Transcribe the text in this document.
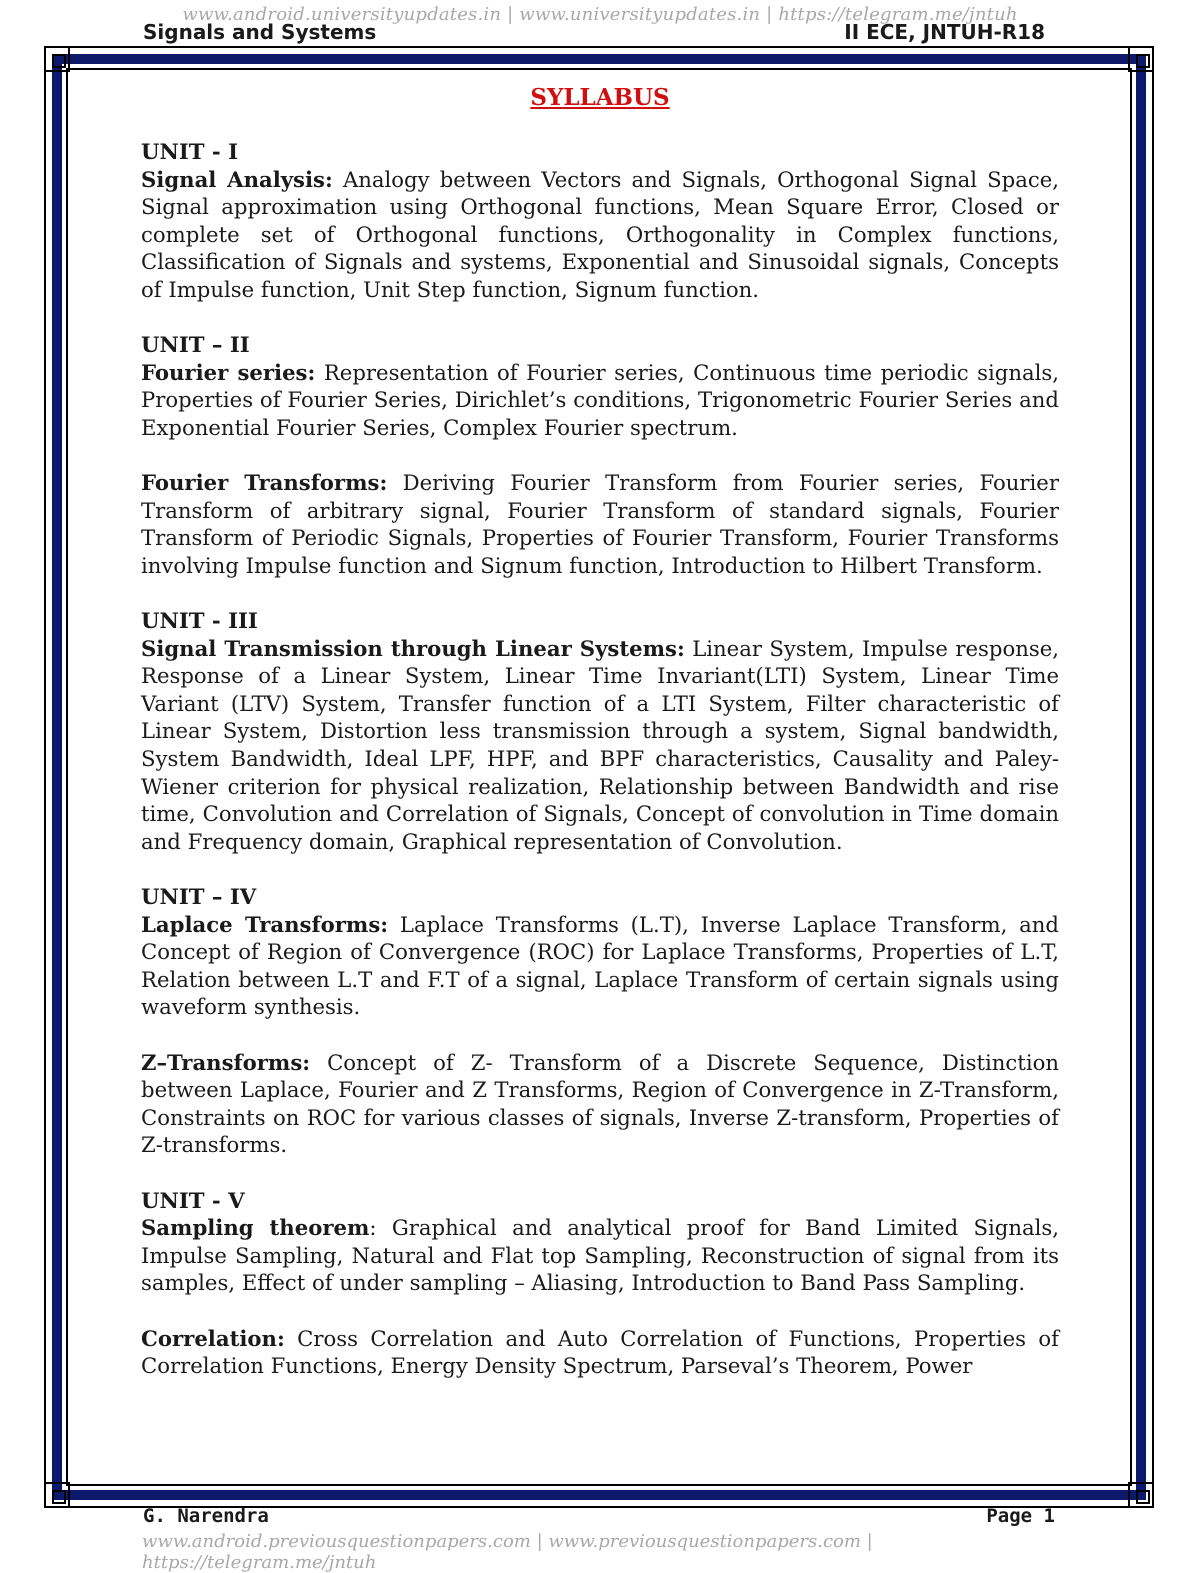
www.android.universityupdates.in | www.universityupdates.in | https://telegram.me/jntuh
Signals and Systems	II ECE, JNTUH-R18
SYLLABUS

UNIT - I

Signal Analysis: Analogy between Vectors and Signals, Orthogonal Signal Space, Signal approximation using Orthogonal functions, Mean Square Error, Closed or complete set of Orthogonal functions, Orthogonality in Complex functions, Classification of Signals and systems, Exponential and Sinusoidal signals, Concepts of Impulse function, Unit Step function, Signum function.

UNIT – II

Fourier series: Representation of Fourier series, Continuous time periodic signals, Properties of Fourier Series, Dirichlet’s conditions, Trigonometric Fourier Series and Exponential Fourier Series, Complex Fourier spectrum.

Fourier Transforms: Deriving Fourier Transform from Fourier series, Fourier Transform of arbitrary signal, Fourier Transform of standard signals, Fourier Transform of Periodic Signals, Properties of Fourier Transform, Fourier Transforms involving Impulse function and Signum function, Introduction to Hilbert Transform.

UNIT - III

Signal Transmission through Linear Systems: Linear System, Impulse response, Response of a Linear System, Linear Time Invariant(LTI) System, Linear Time Variant (LTV) System, Transfer function of a LTI System, Filter characteristic of Linear System, Distortion less transmission through a system, Signal bandwidth, System Bandwidth, Ideal LPF, HPF, and BPF characteristics, Causality and Paley-Wiener criterion for physical realization, Relationship between Bandwidth and rise time, Convolution and Correlation of Signals, Concept of convolution in Time domain and Frequency domain, Graphical representation of Convolution.

UNIT – IV

Laplace Transforms: Laplace Transforms (L.T), Inverse Laplace Transform, and Concept of Region of Convergence (ROC) for Laplace Transforms, Properties of L.T, Relation between L.T and F.T of a signal, Laplace Transform of certain signals using waveform synthesis.

Z–Transforms: Concept of Z- Transform of a Discrete Sequence, Distinction between Laplace, Fourier and Z Transforms, Region of Convergence in Z-Transform, Constraints on ROC for various classes of signals, Inverse Z-transform, Properties of Z-transforms.

UNIT - V

Sampling theorem: Graphical and analytical proof for Band Limited Signals, Impulse Sampling, Natural and Flat top Sampling, Reconstruction of signal from its samples, Effect of under sampling – Aliasing, Introduction to Band Pass Sampling.

Correlation: Cross Correlation and Auto Correlation of Functions, Properties of Correlation Functions, Energy Density Spectrum, Parseval’s Theorem, Power

G. Narendra	Page 1
www.android.previousquestionpapers.com | www.previousquestionpapers.com | https://telegram.me/jntuh
